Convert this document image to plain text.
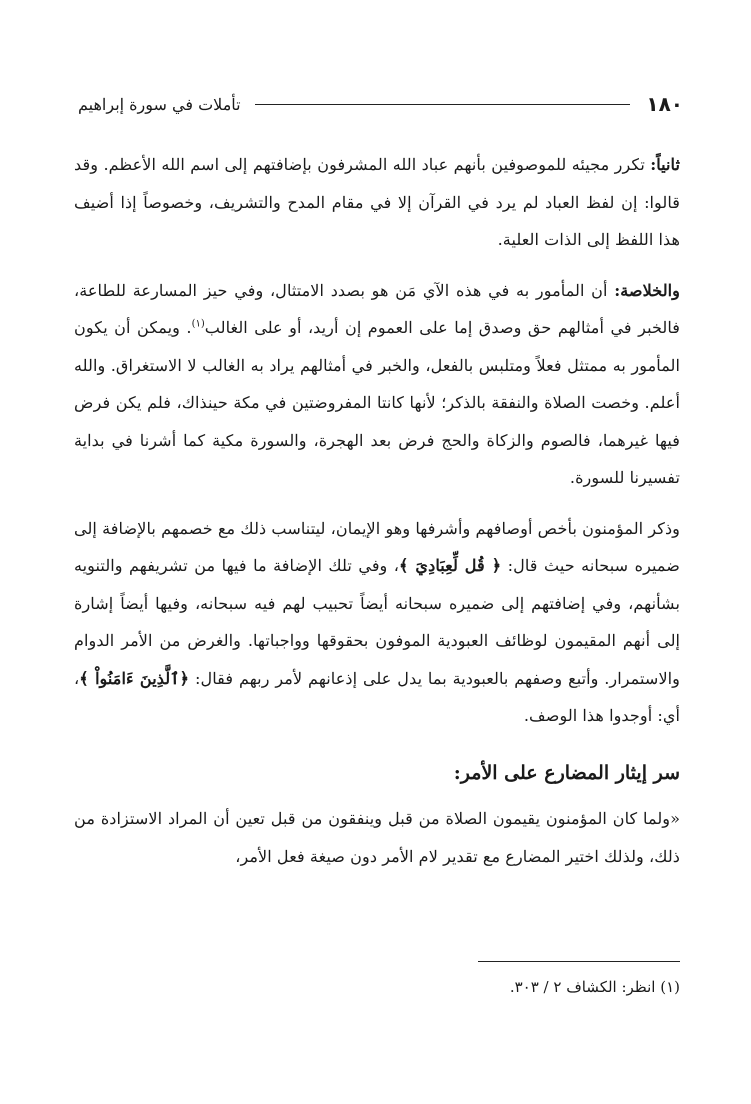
١٨٠
تأملات في سورة إبراهيم

ثانياً: تكرر مجيئه للموصوفين بأنهم عباد الله المشرفون بإضافتهم إلى اسم الله الأعظم. وقد قالوا: إن لفظ العباد لم يرد في القرآن إلا في مقام المدح والتشريف، وخصوصاً إذا أضيف هذا اللفظ إلى الذات العلية.

والخلاصة: أن المأمور به في هذه الآي مَن هو بصدد الامتثال، وفي حيز المسارعة للطاعة، فالخبر في أمثالهم حق وصدق إما على العموم إن أريد، أو على الغالب$^{(١)}$. ويمكن أن يكون المأمور به ممتثل فعلاً ومتلبس بالفعل، والخبر في أمثالهم يراد به الغالب لا الاستغراق. والله أعلم. وخصت الصلاة والنفقة بالذكر؛ لأنها كانتا المفروضتين في مكة حينذاك، فلم يكن فرض فيها غيرهما، فالصوم والزكاة والحج فرض بعد الهجرة، والسورة مكية كما أشرنا في بداية تفسيرنا للسورة.

وذكر المؤمنون بأخص أوصافهم وأشرفها وهو الإيمان، ليتناسب ذلك مع خصمهم بالإضافة إلى ضميره سبحانه حيث قال: ﴿ قُل لِّعِبَادِيَ ﴾، وفي تلك الإضافة ما فيها من تشريفهم والتنويه بشأنهم، وفي إضافتهم إلى ضميره سبحانه أيضاً تحبيب لهم فيه سبحانه، وفيها أيضاً إشارة إلى أنهم المقيمون لوظائف العبودية الموفون بحقوقها وواجباتها. والغرض من الأمر الدوام والاستمرار. وأتبع وصفهم بالعبودية بما يدل على إذعانهم لأمر ربهم فقال: ﴿ٱلَّذِينَ ءَامَنُواْ ﴾، أي: أوجدوا هذا الوصف.

سر إيثار المضارع على الأمر:

«ولما كان المؤمنون يقيمون الصلاة من قبل وينفقون من قبل تعين أن المراد الاستزادة من ذلك، ولذلك اختير المضارع مع تقدير لام الأمر دون صيغة فعل الأمر،

(١) انظر: الكشاف ٢ / ٣٠٣.
